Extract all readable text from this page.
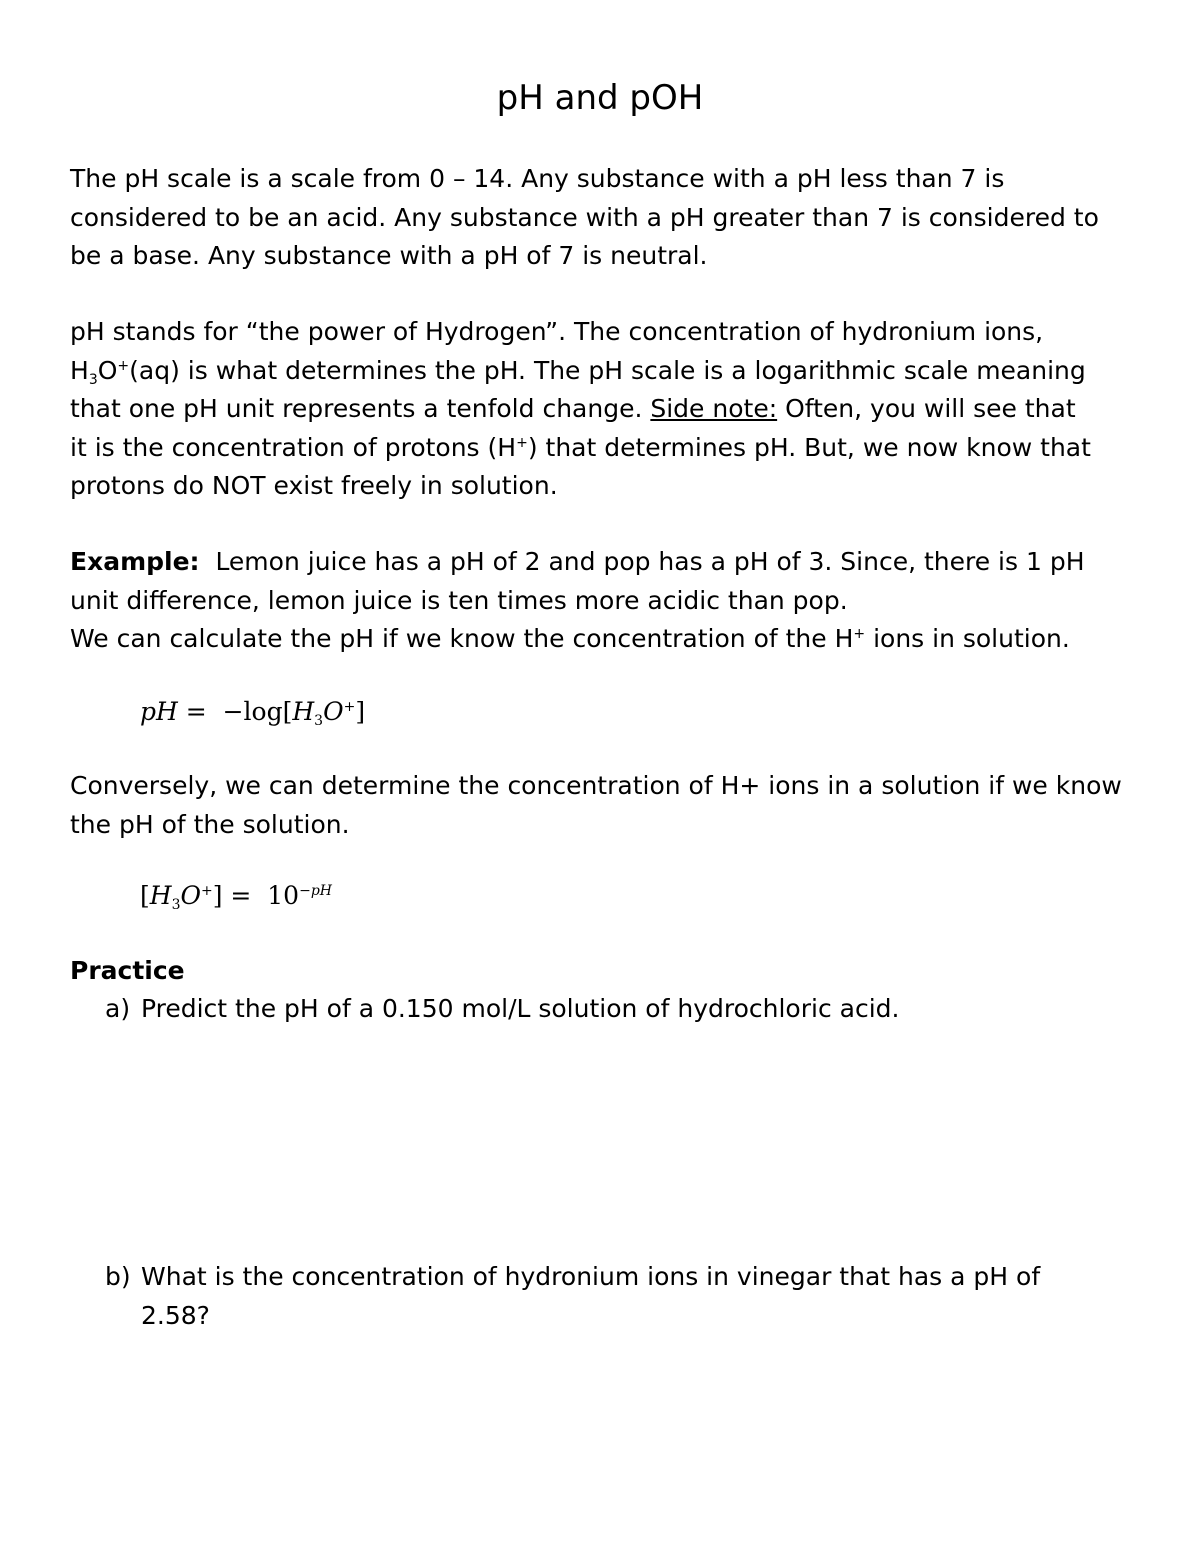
pH and pOH
The pH scale is a scale from 0 – 14. Any substance with a pH less than 7 is
considered to be an acid. Any substance with a pH greater than 7 is considered to
be a base. Any substance with a pH of 7 is neutral.
pH stands for “the power of Hydrogen”. The concentration of hydronium ions,
$H_3O^+(aq)$ is what determines the pH. The pH scale is a logarithmic scale meaning
that one pH unit represents a tenfold change. Side note: Often, you will see that
it is the concentration of protons (H+) that determines pH. But, we now know that
protons do NOT exist freely in solution.
Example:  Lemon juice has a pH of 2 and pop has a pH of 3. Since, there is 1 pH
unit difference, lemon juice is ten times more acidic than pop.
We can calculate the pH if we know the concentration of the H+ ions in solution.
pH =  $-\log[H_3O^+]$
Conversely, we can determine the concentration of H+ ions in a solution if we know
the pH of the solution.
$[H_3O^+] = 10^{-pH}$
Practice
a) Predict the pH of a 0.150 mol/L solution of hydrochloric acid.
b) What is the concentration of hydronium ions in vinegar that has a pH of
2.58?
